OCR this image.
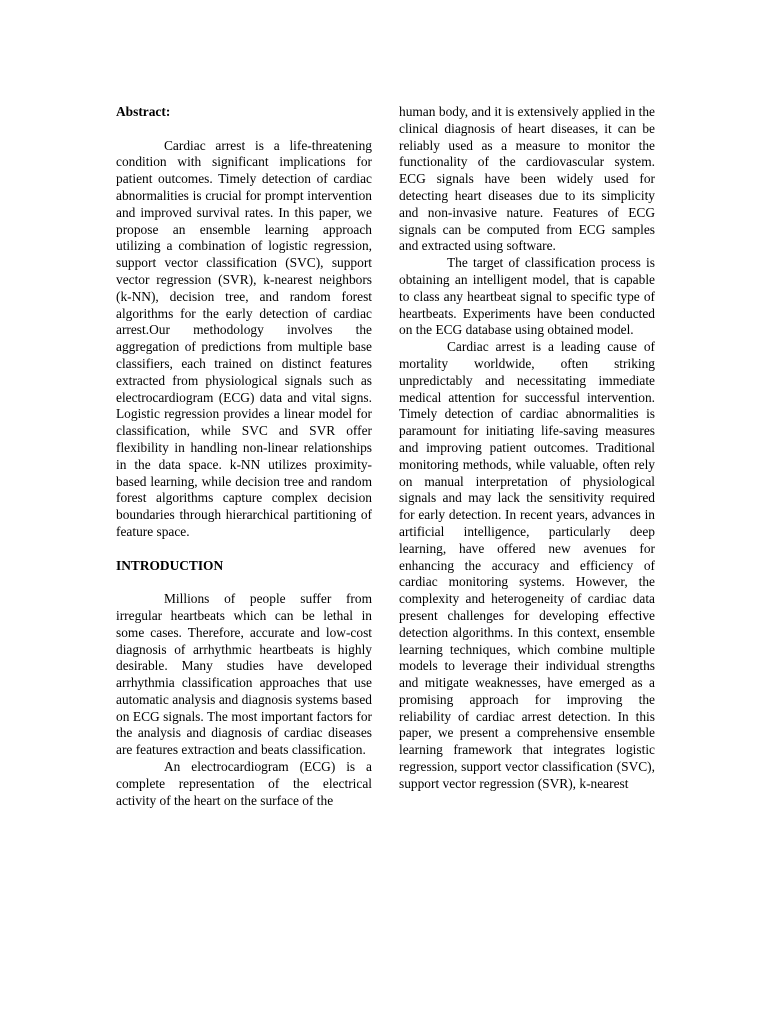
Abstract:

Cardiac arrest is a life-threatening condition with significant implications for patient outcomes. Timely detection of cardiac abnormalities is crucial for prompt intervention and improved survival rates. In this paper, we propose an ensemble learning approach utilizing a combination of logistic regression, support vector classification (SVC), support vector regression (SVR), k-nearest neighbors (k-NN), decision tree, and random forest algorithms for the early detection of cardiac arrest.Our methodology involves the aggregation of predictions from multiple base classifiers, each trained on distinct features extracted from physiological signals such as electrocardiogram (ECG) data and vital signs. Logistic regression provides a linear model for classification, while SVC and SVR offer flexibility in handling non-linear relationships in the data space. k-NN utilizes proximity-based learning, while decision tree and random forest algorithms capture complex decision boundaries through hierarchical partitioning of feature space.

INTRODUCTION

Millions of people suffer from irregular heartbeats which can be lethal in some cases. Therefore, accurate and low-cost diagnosis of arrhythmic heartbeats is highly desirable. Many studies have developed arrhythmia classification approaches that use automatic analysis and diagnosis systems based on ECG signals. The most important factors for the analysis and diagnosis of cardiac diseases are features extraction and beats classification.

An electrocardiogram (ECG) is a complete representation of the electrical activity of the heart on the surface of the

human body, and it is extensively applied in the clinical diagnosis of heart diseases, it can be reliably used as a measure to monitor the functionality of the cardiovascular system. ECG signals have been widely used for detecting heart diseases due to its simplicity and non-invasive nature. Features of ECG signals can be computed from ECG samples and extracted using software.

The target of classification process is obtaining an intelligent model, that is capable to class any heartbeat signal to specific type of heartbeats. Experiments have been conducted on the ECG database using obtained model.

Cardiac arrest is a leading cause of mortality worldwide, often striking unpredictably and necessitating immediate medical attention for successful intervention. Timely detection of cardiac abnormalities is paramount for initiating life-saving measures and improving patient outcomes. Traditional monitoring methods, while valuable, often rely on manual interpretation of physiological signals and may lack the sensitivity required for early detection. In recent years, advances in artificial intelligence, particularly deep learning, have offered new avenues for enhancing the accuracy and efficiency of cardiac monitoring systems. However, the complexity and heterogeneity of cardiac data present challenges for developing effective detection algorithms. In this context, ensemble learning techniques, which combine multiple models to leverage their individual strengths and mitigate weaknesses, have emerged as a promising approach for improving the reliability of cardiac arrest detection. In this paper, we present a comprehensive ensemble learning framework that integrates logistic regression, support vector classification (SVC), support vector regression (SVR), k-nearest
